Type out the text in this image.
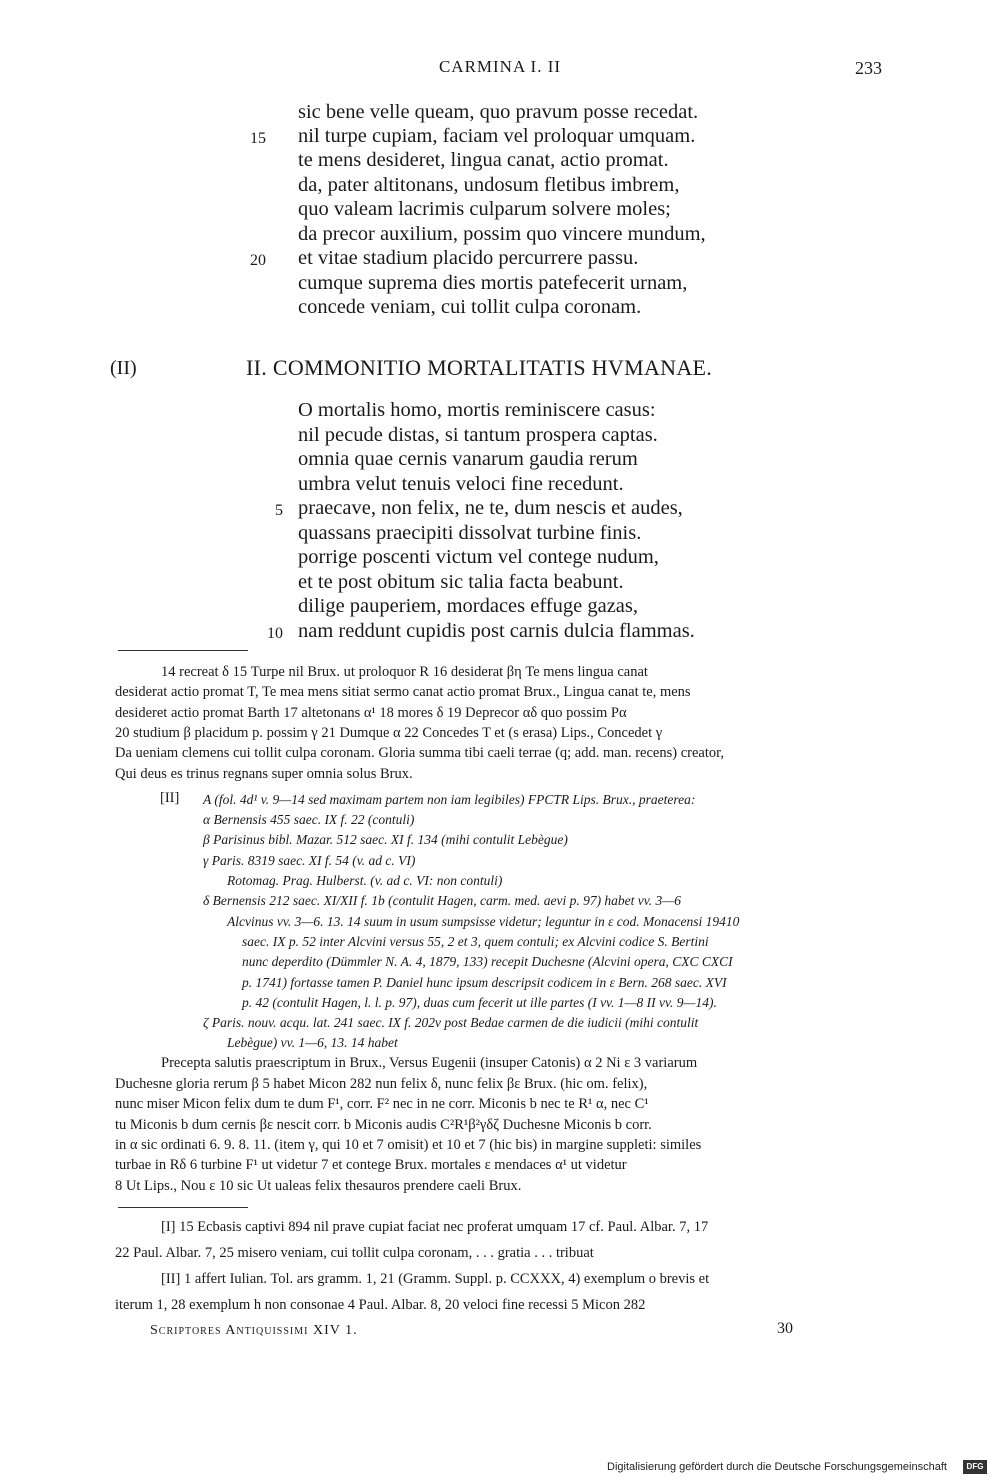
CARMINA I. II	233
sic bene velle queam, quo pravum posse recedat.
15 nil turpe cupiam, faciam vel proloquar umquam.
te mens desideret, lingua canat, actio promat.
da, pater altitonans, undosum fletibus imbrem,
quo valeam lacrimis culparum solvere moles;
da precor auxilium, possim quo vincere mundum,
20 et vitae stadium placido percurrere passu.
cumque suprema dies mortis patefecerit urnam,
concede veniam, cui tollit culpa coronam.
(II)	II. COMMONITIO MORTALITATIS HVMANAE.
O mortalis homo, mortis reminiscere casus:
nil pecude distas, si tantum prospera captas.
omnia quae cernis vanarum gaudia rerum
umbra velut tenuis veloci fine recedunt.
5 praecave, non felix, ne te, dum nescis et audes,
quassans praecipiti dissolvat turbine finis.
porrige poscenti victum vel contege nudum,
et te post obitum sic talia facta beabunt.
dilige pauperiem, mordaces effuge gazas,
10 nam reddunt cupidis post carnis dulcia flammas.
14 recreat δ 15 Turpe nil Brux. ut proloquor R 16 desiderat βη Te mens lingua canat
desiderat actio promat T, Te mea mens sitiat sermo canat actio promat Brux., Lingua canat te, mens
desideret actio promat Barth 17 altetonans α¹ 18 mores δ 19 Deprecor αδ quo possim Pα
20 studium β placidum p. possim γ 21 Dumque α 22 Concedes T et (s erasa) Lips., Concedet γ
Da ueniam clemens cui tollit culpa coronam. Gloria summa tibi caeli terrae (q; add. man. recens) creator,
Qui deus es trinus regnans super omnia solus Brux.
[II] A (fol. 4d¹ v. 9—14 sed maximam partem non iam legibiles) FPCTR Lips. Brux., praeterea:
α Bernensis 455 saec. IX f. 22 (contuli)
β Parisinus bibl. Mazar. 512 saec. XI f. 134 (mihi contulit Lebègue)
γ Paris. 8319 saec. XI f. 54 (v. ad c. VI)
Rotomag. Prag. Hulberst. (v. ad c. VI: non contuli)
δ Bernensis 212 saec. XI/XII f. 1b (contulit Hagen, carm. med. aevi p. 97) habet vv. 3—6
Alcvinus vv. 3—6. 13. 14 suum in usum sumpsisse videtur; leguntur in ε cod. Monacensi 19410
saec. IX p. 52 inter Alcvini versus 55, 2 et 3, quem contuli; ex Alcvini codice S. Bertini
nunc deperdito (Dümmler N. A. 4, 1879, 133) recepit Duchesne (Alcvini opera, CXC CXCI
p. 1741) fortasse tamen P. Daniel hunc ipsum descripsit codicem in ε Bern. 268 saec. XVI
p. 42 (contulit Hagen, l. l. p. 97), duas cum fecerit ut ille partes (I vv. 1—8 II vv. 9—14).
ζ Paris. nouv. acqu. lat. 241 saec. IX f. 202v post Bedae carmen de die iudicii (mihi contulit
Lebègue) vv. 1—6, 13. 14 habet
Precepta salutis praescriptum in Brux., Versus Eugenii (insuper Catonis) α 2 Ni ε 3 variarum
Duchesne gloria rerum β 5 habet Micon 282 nun felix δ, nunc felix βε Brux. (hic om. felix),
nunc miser Micon felix dum te dum F¹, corr. F² nec in ne corr. Miconis b nec te R¹ α, nec C¹
tu Miconis b dum cernis βε nescit corr. b Miconis audis C²R¹β²γδζ Duchesne Miconis b corr.
in α sic ordinati 6. 9. 8. 11. (item γ, qui 10 et 7 omisit) et 10 et 7 (hic bis) in margine suppleti: similes
turbae in Rδ 6 turbine F¹ ut videtur 7 et contege Brux. mortales ε mendaces α¹ ut videtur
8 Ut Lips., Nou ε 10 sic Ut ualeas felix thesauros prendere caeli Brux.
[I] 15 Ecbasis captivi 894 nil prave cupiat faciat nec proferat umquam 17 cf. Paul. Albar. 7, 17
22 Paul. Albar. 7, 25 misero veniam, cui tollit culpa coronam, . . . gratia . . . tribuat
[II] 1 affert Iulian. Tol. ars gramm. 1, 21 (Gramm. Suppl. p. CCXXX, 4) exemplum o brevis et
iterum 1, 28 exemplum h non consonae 4 Paul. Albar. 8, 20 veloci fine recessi 5 Micon 282
Scriptores Antiquissimi XIV 1.	30
Digitalisierung gefördert durch die Deutsche Forschungsgemeinschaft	DFG
